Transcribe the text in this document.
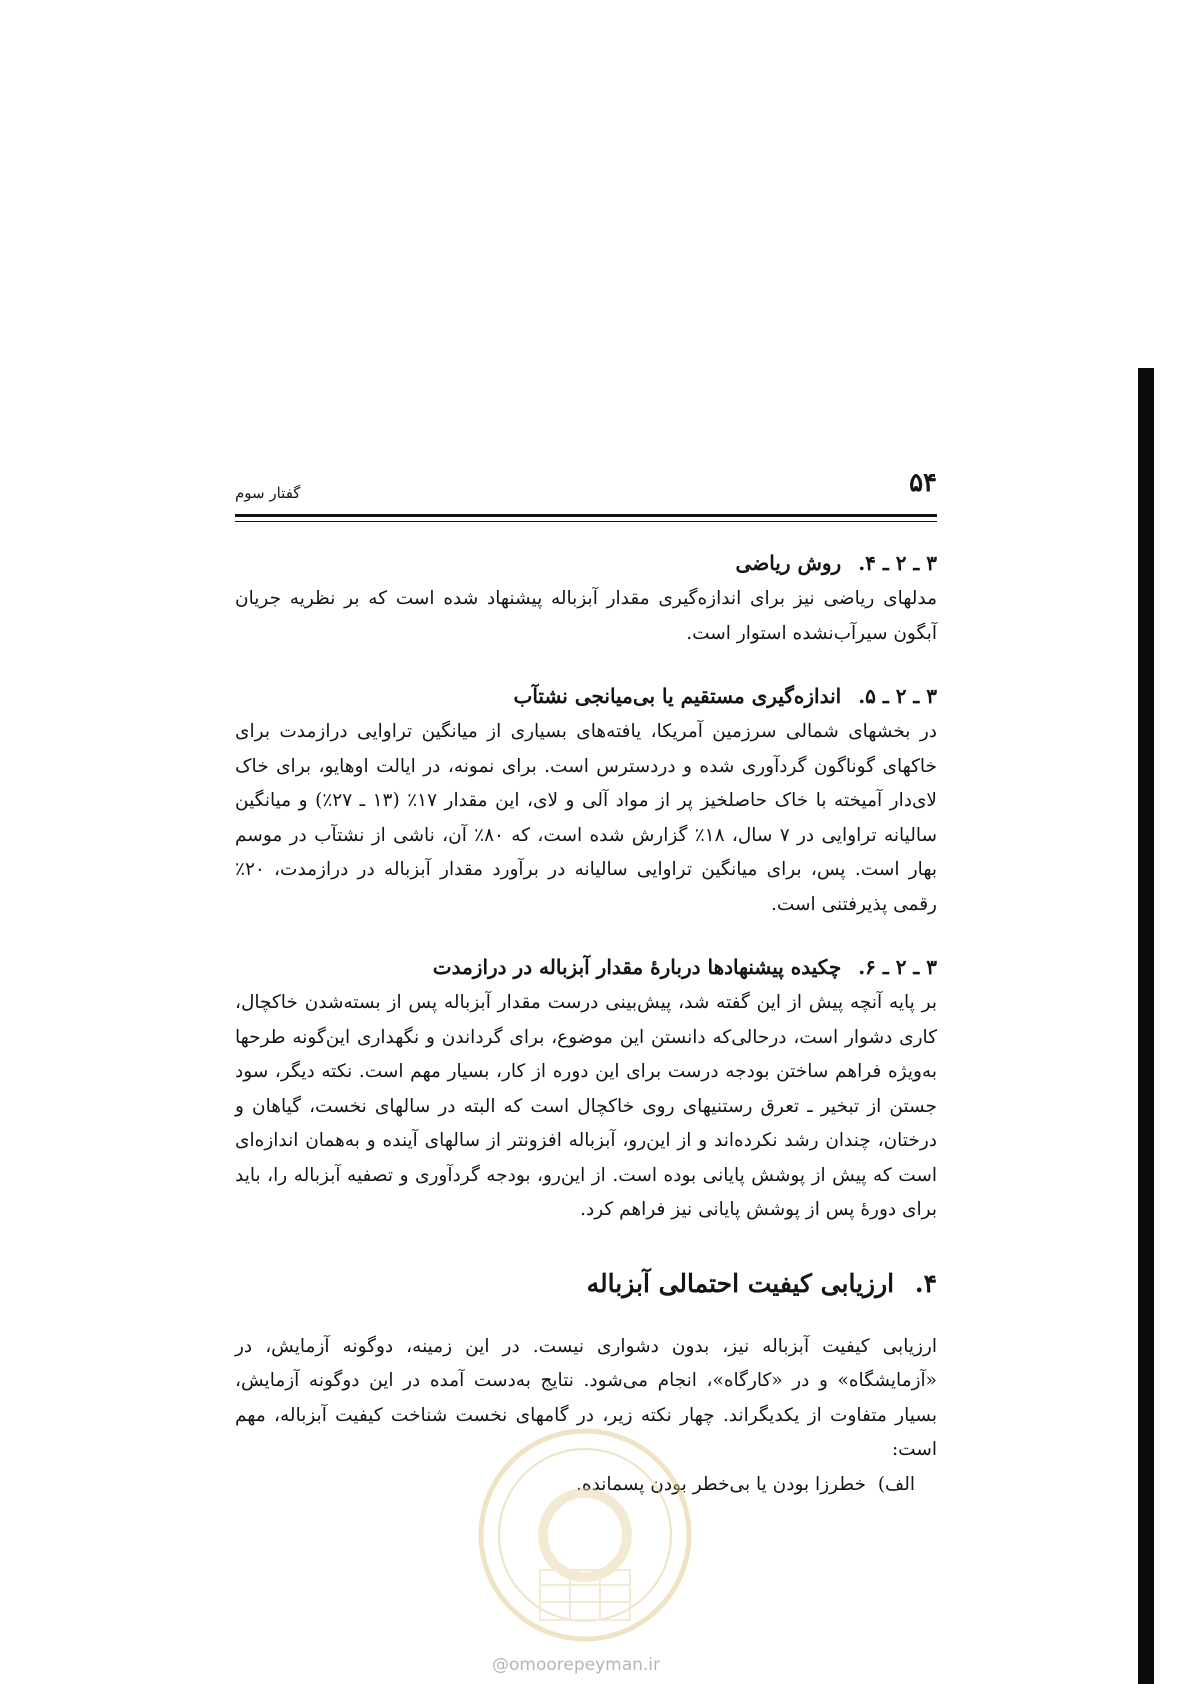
۵۴
گفتار سوم
۳ ـ ۲ ـ ۴. روش ریاضی

مدلهای ریاضی نیز برای اندازه‌گیری مقدار آبزباله پیشنهاد شده است که بر نظریه جریان آبگون سیرآب‌نشده استوار است.

۳ ـ ۲ ـ ۵. اندازه‌گیری مستقیم یا بی‌میانجی نشتآب

در بخشهای شمالی سرزمین آمریکا، یافته‌های بسیاری از میانگین تراوایی درازمدت برای خاکهای گوناگون گردآوری شده و دردسترس است. برای نمونه، در ایالت اوهایو، برای خاک لای‌دار آمیخته با خاک حاصلخیز پر از مواد آلی و لای، این مقدار ۱۷٪ (۱۳ ـ ۲۷٪) و میانگین سالیانه تراوایی در ۷ سال، ۱۸٪ گزارش شده است، که ۸۰٪ آن، ناشی از نشتآب در موسم بهار است. پس، برای میانگین تراوایی سالیانه در برآورد مقدار آبزباله در درازمدت، ۲۰٪ رقمی پذیرفتنی است.

۳ ـ ۲ ـ ۶. چکیده پیشنهادها دربارهٔ مقدار آبزباله در درازمدت

بر پایه آنچه پیش از این گفته شد، پیش‌بینی درست مقدار آبزباله پس از بسته‌شدن خاکچال، کاری دشوار است، درحالی‌که دانستن این موضوع، برای گرداندن و نگهداری این‌گونه طرحها به‌ویژه فراهم ساختن بودجه درست برای این دوره از کار، بسیار مهم است. نکته دیگر، سود جستن از تبخیر ـ تعرق رستنیهای روی خاکچال است که البته در سالهای نخست، گیاهان و درختان، چندان رشد نکرده‌اند و از این‌رو، آبزباله افزونتر از سالهای آینده و به‌همان اندازه‌ای است که پیش از پوشش پایانی بوده است. از این‌رو، بودجه گردآوری و تصفیه آبزباله را، باید برای دورهٔ پس از پوشش پایانی نیز فراهم کرد.

۴. ارزیابی کیفیت احتمالی آبزباله

ارزیابی کیفیت آبزباله نیز، بدون دشواری نیست. در این زمینه، دوگونه آزمایش، در «آزمایشگاه» و در «کارگاه»، انجام می‌شود. نتایج به‌دست آمده در این دوگونه آزمایش، بسیار متفاوت از یکدیگراند. چهار نکته زیر، در گامهای نخست شناخت کیفیت آبزباله، مهم است:

الف) خطرزا بودن یا بی‌خطر بودن پسمانده.

@omoorepeyman.ir
